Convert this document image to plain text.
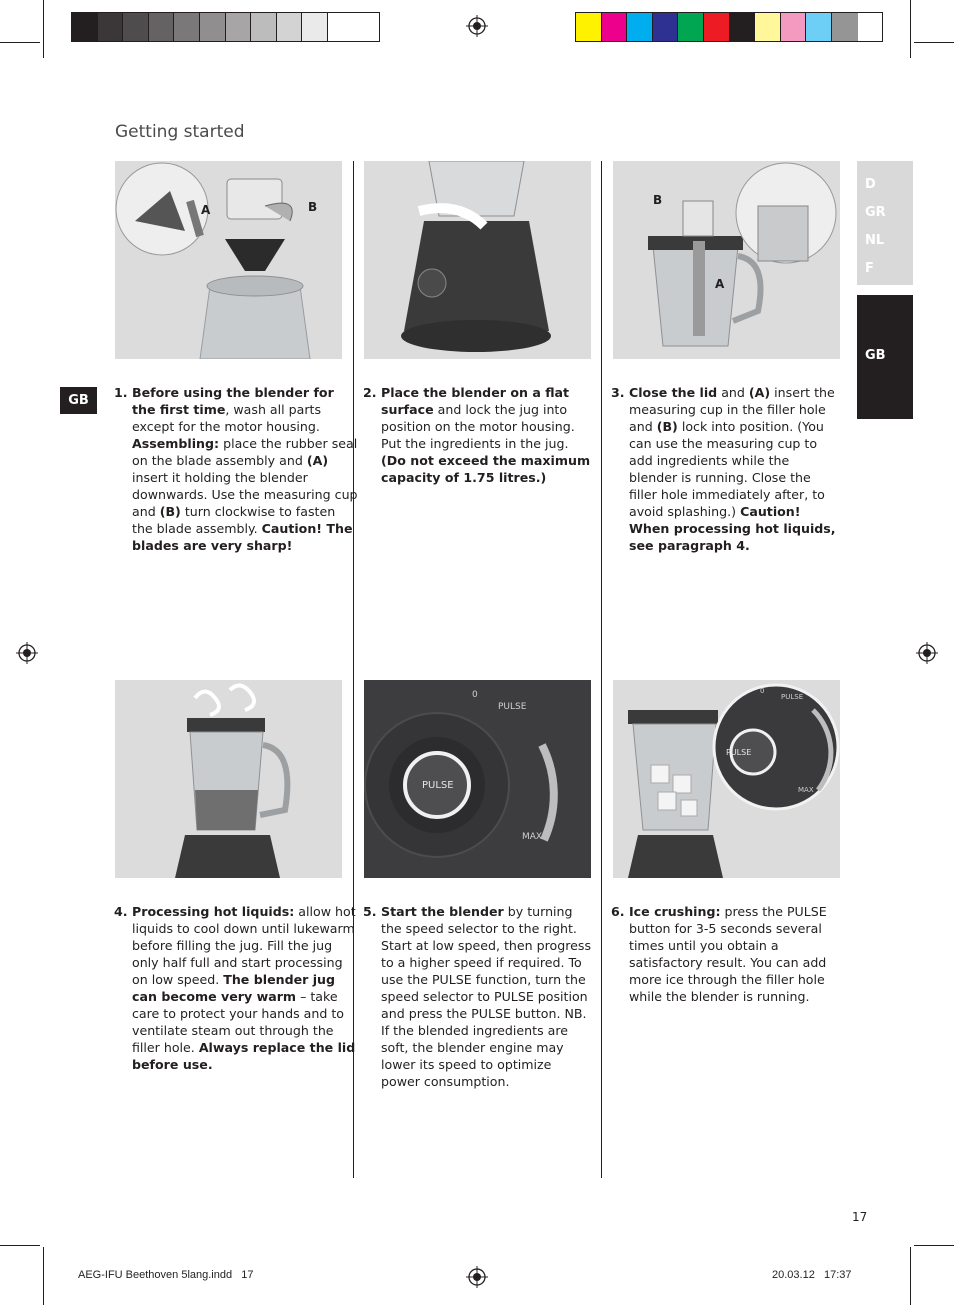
Getting started
D
GR
NL
F
GB
GB
A	B	B
A
0
PULSE
PULSE
MAX
0
PULSE
PULSE
MAX
1. Before using the blender for the first time, wash all parts except for the motor housing. Assembling: place the rubber seal on the blade assembly and (A) insert it holding the blender downwards. Use the measuring cup and (B) turn clockwise to fasten the blade assembly. Caution! The blades are very sharp!

2. Place the blender on a flat surface and lock the jug into position on the motor housing. Put the ingredients in the jug. (Do not exceed the maximum capacity of 1.75 litres.)

3. Close the lid and (A) insert the measuring cup in the filler hole and (B) lock into position. (You can use the measuring cup to add ingredients while the blender is running. Close the filler hole immediately after, to avoid splashing.) Caution! When processing hot liquids, see paragraph 4.

4. Processing hot liquids: allow hot liquids to cool down until lukewarm before filling the jug. Fill the jug only half full and start processing on low speed. The blender jug can become very warm – take care to protect your hands and to ventilate steam out through the filler hole. Always replace the lid before use.

5. Start the blender by turning the speed selector to the right. Start at low speed, then progress to a higher speed if required. To use the PULSE function, turn the speed selector to PULSE position and press the PULSE button. NB. If the blended ingredients are soft, the blender engine may lower its speed to optimize power consumption.

6. Ice crushing: press the PULSE button for 3-5 seconds several times until you obtain a satisfactory result. You can add more ice through the filler hole while the blender is running.

17
AEG-IFU Beethoven 5lang.indd   17	20.03.12   17:37
